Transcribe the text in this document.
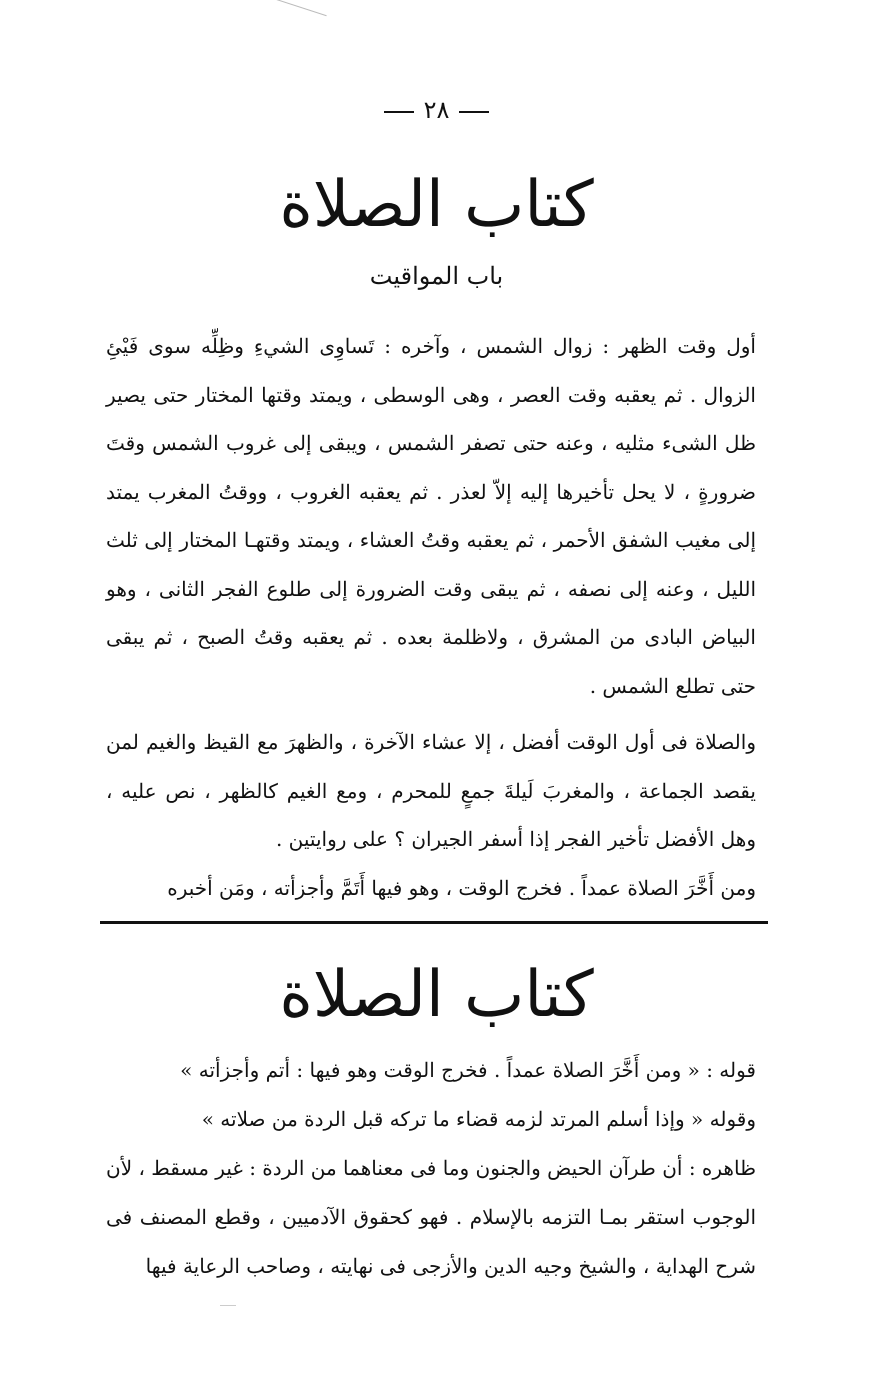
٢٨
كتاب الصلاة
باب المواقيت

أول وقت الظهر : زوال الشمس ، وآخره : تَساوِى الشيءِ وظِلِّه سوى فَيْئِ الزوال . ثم يعقبه وقت العصر ، وهى الوسطى ، ويمتد وقتها المختار حتى يصير ظل الشىء مثليه ، وعنه حتى تصفر الشمس ، ويبقى إلى غروب الشمس وقتَ ضرورةٍ ، لا يحل تأخيرها إليه إلاّ لعذر . ثم يعقبه الغروب ، ووقتُ المغرب يمتد إلى مغيب الشفق الأحمر ، ثم يعقبه وقتُ العشاء ، ويمتد وقتهـا المختار إلى ثلث الليل ، وعنه إلى نصفه ، ثم يبقى وقت الضرورة إلى طلوع الفجر الثانى ، وهو البياض البادى من المشرق ، ولاظلمة بعده . ثم يعقبه وقتُ الصبح ، ثم يبقى حتى تطلع الشمس .

والصلاة فى أول الوقت أفضل ، إلا عشاء الآخرة ، والظهرَ مع القيظ والغيم لمن يقصد الجماعة ، والمغربَ لَيلةَ جمعٍ للمحرم ، ومع الغيم كالظهر ، نص عليه ، وهل الأفضل تأخير الفجر إذا أسفر الجيران ؟ على روايتين .

ومن أَخَّرَ الصلاة عمداً . فخرج الوقت ، وهو فيها أَتَمَّ وأجزأته ، ومَن أخبره

كتاب الصلاة

قوله : « ومن أَخَّرَ الصلاة عمداً . فخرج الوقت وهو فيها : أتم وأجزأته »

وقوله « وإذا أسلم المرتد لزمه قضاء ما تركه قبل الردة من صلاته »

ظاهره : أن طرآن الحيض والجنون وما فى معناهما من الردة : غير مسقط ، لأن الوجوب استقر بمـا التزمه بالإسلام . فهو كحقوق الآدميين ، وقطع المصنف فى شرح الهداية ، والشيخ وجيه الدين والأزجى فى نهايته ، وصاحب الرعاية فيها
